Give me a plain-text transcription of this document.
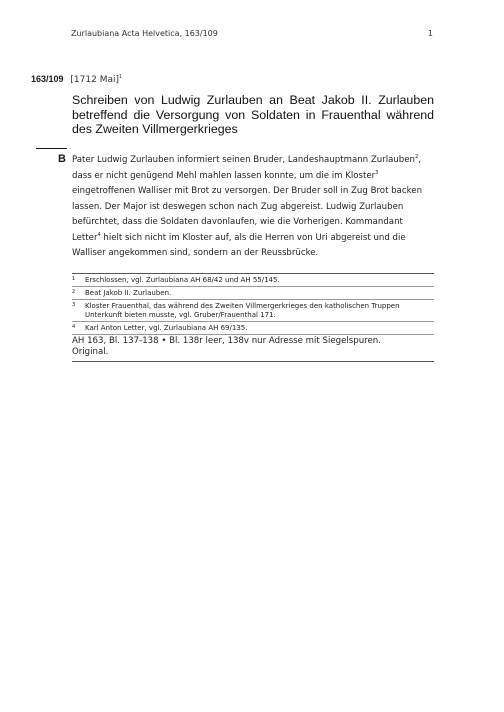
Zurlaubiana Acta Helvetica, 163/109	1
163/109 [1712 Mai]$^1$
Schreiben von Ludwig Zurlauben an Beat Jakob II. Zurlauben betreffend die Versorgung von Soldaten in Frauenthal während des Zweiten Villmergerkrieges
B Pater Ludwig Zurlauben informiert seinen Bruder, Landeshauptmann Zurlauben$^2$, dass er nicht genügend Mehl mahlen lassen konnte, um die im Kloster$^3$ eingetroffenen Walliser mit Brot zu versorgen. Der Bruder soll in Zug Brot backen lassen. Der Major ist deswegen schon nach Zug abgereist. Ludwig Zurlauben befürchtet, dass die Soldaten davonlaufen, wie die Vorherigen. Kommandant Letter$^4$ hielt sich nicht im Kloster auf, als die Herren von Uri abgereist und die Walliser angekommen sind, sondern an der Reussbrücke.
1	Erschlossen, vgl. Zurlaubiana AH 68/42 und AH 55/145.
2	Beat Jakob II. Zurlauben.
3	Kloster Frauenthal, das während des Zweiten Villmergerkrieges den katholischen Truppen Unterkunft bieten musste, vgl. Gruber/Frauenthal 171.
4	Karl Anton Letter, vgl. Zurlaubiana AH 69/135.
AH 163, Bl. 137-138 • Bl. 138r leer, 138v nur Adresse mit Siegelspuren.
Original.
